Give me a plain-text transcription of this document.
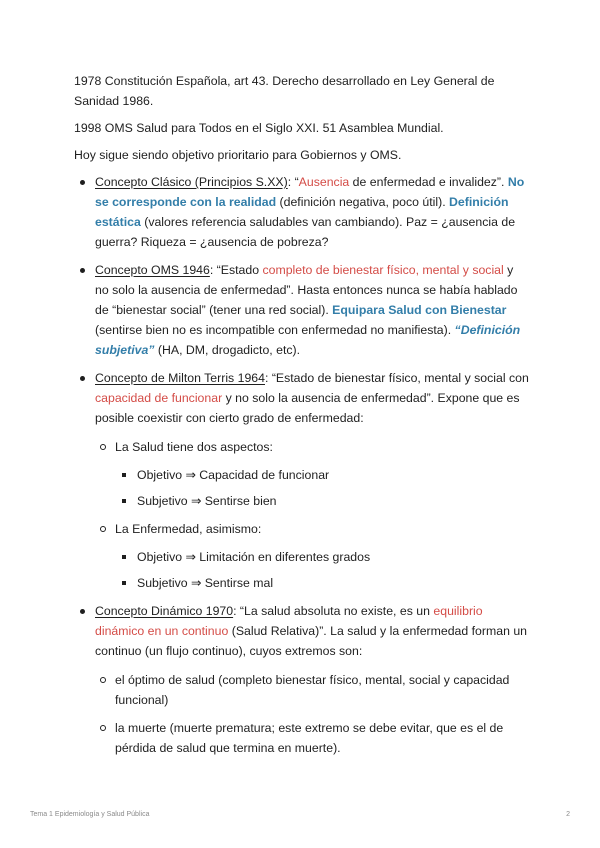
1978 Constitución Española, art 43. Derecho desarrollado en Ley General de Sanidad 1986.

1998 OMS Salud para Todos en el Siglo XXI. 51 Asamblea Mundial.

Hoy sigue siendo objetivo prioritario para Gobiernos y OMS.

Concepto Clásico (Principios S.XX): “Ausencia de enfermedad e invalidez”. No se corresponde con la realidad (definición negativa, poco útil). Definición estática (valores referencia saludables van cambiando). Paz = ¿ausencia de guerra? Riqueza = ¿ausencia de pobreza?
Concepto OMS 1946: “Estado completo de bienestar físico, mental y social y no solo la ausencia de enfermedad”. Hasta entonces nunca se había hablado de “bienestar social” (tener una red social). Equipara Salud con Bienestar (sentirse bien no es incompatible con enfermedad no manifiesta). “Definición subjetiva” (HA, DM, drogadicto, etc).
Concepto de Milton Terris 1964: “Estado de bienestar físico, mental y social con capacidad de funcionar y no solo la ausencia de enfermedad”. Expone que es posible coexistir con cierto grado de enfermedad:
La Salud tiene dos aspectos:
Objetivo ⇒ Capacidad de funcionar
Subjetivo ⇒ Sentirse bien
La Enfermedad, asimismo:
Objetivo ⇒ Limitación en diferentes grados
Subjetivo ⇒ Sentirse mal
Concepto Dinámico 1970: “La salud absoluta no existe, es un equilibrio dinámico en un continuo (Salud Relativa)”. La salud y la enfermedad forman un continuo (un flujo continuo), cuyos extremos son:
el óptimo de salud (completo bienestar físico, mental, social y capacidad funcional)
la muerte (muerte prematura; este extremo se debe evitar, que es el de pérdida de salud que termina en muerte).
Tema 1 Epidemiología y Salud Pública	2
